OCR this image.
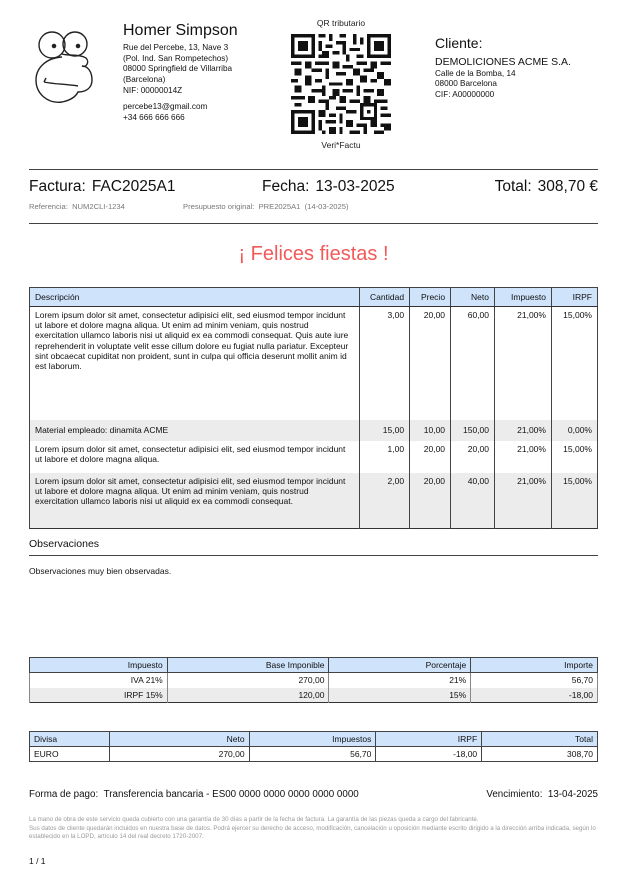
Homer Simpson
Rue del Percebe, 13, Nave 3
(Pol. Ind. San Rompetechos)
08000 Springfield de Villarriba
(Barcelona)
NIF: 00000014Z
percebe13@gmail.com
+34 666 666 666
QR tributario
Veri*Factu
Cliente:
DEMOLICIONES ACME S.A.
Calle de la Bomba, 14
08000 Barcelona
CIF: A00000000
Factura: FAC2025A1	Fecha: 13-03-2025	Total: 308,70 €
Referencia: NUM2CLI-1234	Presupuesto original: PRE2025A1 (14-03-2025)
¡ Felices fiestas !
Descripción	Cantidad	Precio	Neto	Impuesto	IRPF
Lorem ipsum dolor sit amet, consectetur adipisici elit, sed eiusmod tempor incidunt ut labore et dolore magna aliqua. Ut enim ad minim veniam, quis nostrud exercitation ullamco laboris nisi ut aliquid ex ea commodi consequat. Quis aute iure reprehenderit in voluptate velit esse cillum dolore eu fugiat nulla pariatur. Excepteur sint obcaecat cupiditat non proident, sunt in culpa qui officia deserunt mollit anim id est laborum.	3,00	20,00	60,00	21,00%	15,00%
Material empleado: dinamita ACME	15,00	10,00	150,00	21,00%	0,00%
Lorem ipsum dolor sit amet, consectetur adipisici elit, sed eiusmod tempor incidunt ut labore et dolore magna aliqua.	1,00	20,00	20,00	21,00%	15,00%
Lorem ipsum dolor sit amet, consectetur adipisici elit, sed eiusmod tempor incidunt ut labore et dolore magna aliqua. Ut enim ad minim veniam, quis nostrud exercitation ullamco laboris nisi ut aliquid ex ea commodi consequat.	2,00	20,00	40,00	21,00%	15,00%
Observaciones
Observaciones muy bien observadas.
Impuesto	Base Imponible	Porcentaje	Importe
IVA 21%	270,00	21%	56,70
IRPF 15%	120,00	15%	-18,00
Divisa	Neto	Impuestos	IRPF	Total
EURO	270,00	56,70	-18,00	308,70
Forma de pago: Transferencia bancaria - ES00 0000 0000 0000 0000 0000	Vencimiento: 13-04-2025
La mano de obra de este servicio queda cubierto con una garantía de 30 días a partir de la fecha de factura. La garantía de las piezas queda a cargo del fabricante.
Sus datos de cliente quedarán incluidos en nuestra base de datos. Podrá ejercer su derecho de acceso, modificación, cancelación u oposición mediante escrito dirigido a la dirección arriba indicada, según lo establecido en la LOPD, artículo 14 del real decreto 1720-2007.
1 / 1
